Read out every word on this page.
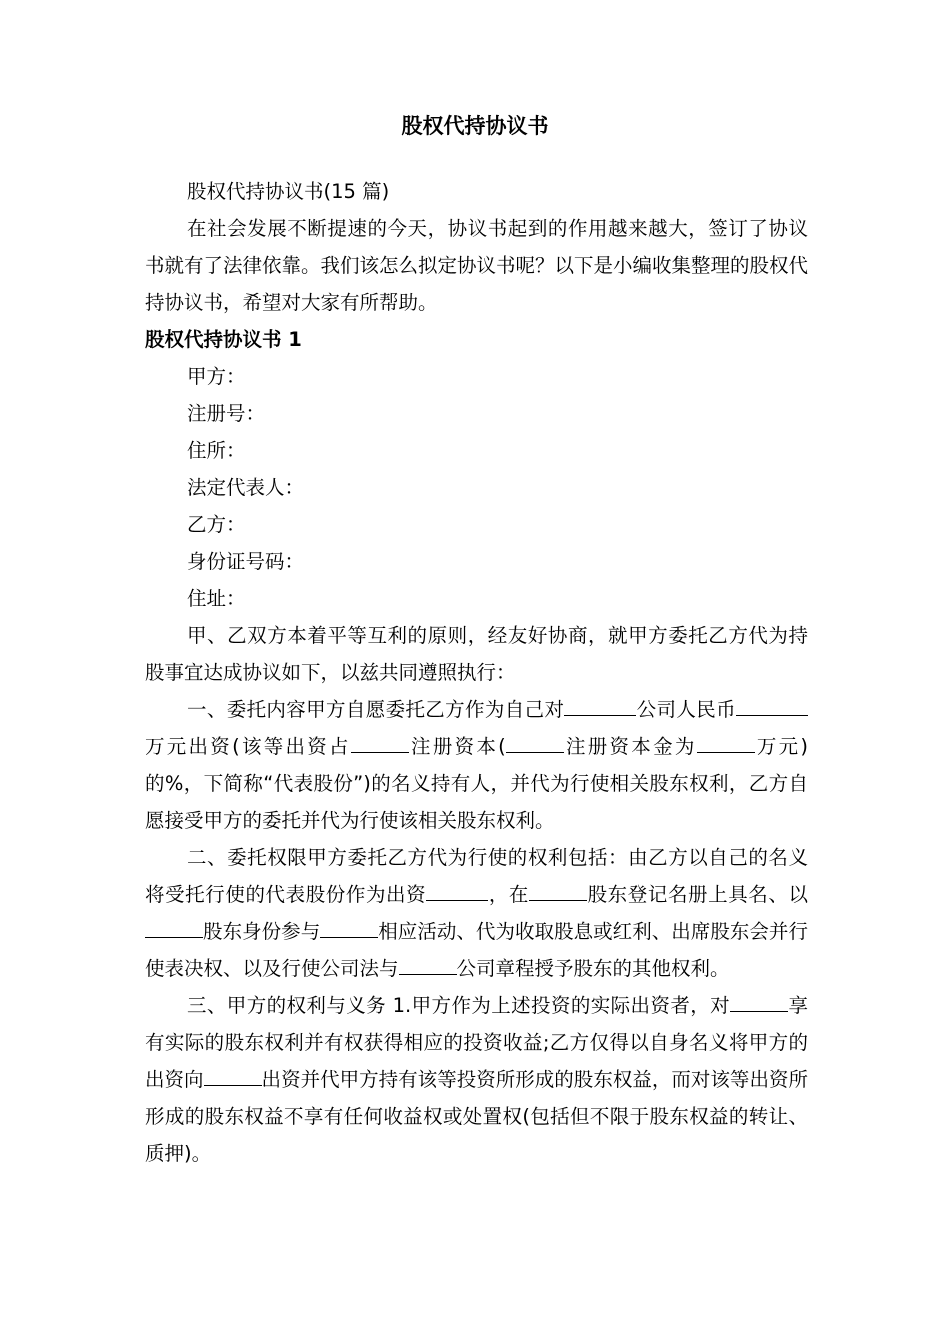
股权代持协议书

股权代持协议书(15 篇)

在社会发展不断提速的今天，协议书起到的作用越来越大，签订了协议书就有了法律依靠。我们该怎么拟定协议书呢？以下是小编收集整理的股权代持协议书，希望对大家有所帮助。

股权代持协议书 1

甲方：

注册号：

住所：

法定代表人：

乙方：

身份证号码：

住址：

甲、乙双方本着平等互利的原则，经友好协商，就甲方委托乙方代为持股事宜达成协议如下，以兹共同遵照执行：

一、委托内容甲方自愿委托乙方作为自己对	公司人民币万元出资(该等出资占	注册资本(	注册资本金为	万元)的%，下简称“代表股份”)的名义持有人，并代为行使相关股东权利，乙方自愿接受甲方的委托并代为行使该相关股东权利。

二、委托权限甲方委托乙方代为行使的权利包括：由乙方以自己的名义将受托行使的代表股份作为出资	，在	股东登记名册上具名、以股东身份参与	相应活动、代为收取股息或红利、出席股东会并行使表决权、以及行使公司法与	公司章程授予股东的其他权利。

三、甲方的权利与义务 1.甲方作为上述投资的实际出资者，对	享有实际的股东权利并有权获得相应的投资收益;乙方仅得以自身名义将甲方的出资向	出资并代甲方持有该等投资所形成的股东权益，而对该等出资所形成的股东权益不享有任何收益权或处置权(包括但不限于股东权益的转让、质押)。
